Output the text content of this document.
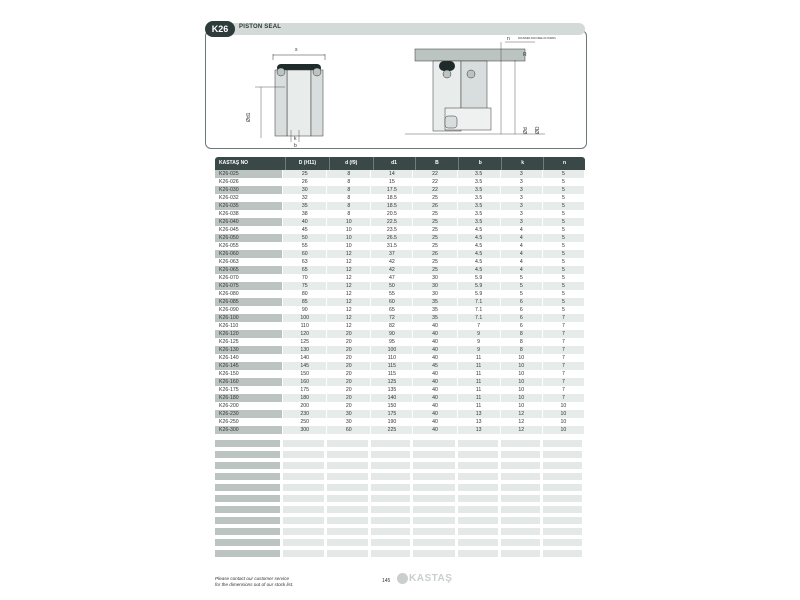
PISTON SEAL
K26
s
Ød1
k
b
n
R
Ød ØD
ROUNDED AND FREE OF BURRS
KASTAŞ NO	D (H11)	d (f9)	d1	B	b	k	n
K26-025	25	8	14	22	3.5	3	5
K26-026	26	8	15	22	3.5	3	5
K26-030	30	8	17.5	22	3.5	3	5
K26-032	32	8	18.5	25	3.5	3	5
K26-035	35	8	18.5	26	3.5	3	5
K26-038	38	8	20.5	25	3.5	3	5
K26-040	40	10	22.5	25	3.5	3	5
K26-045	45	10	23.5	25	4.5	4	5
K26-050	50	10	26.5	25	4.5	4	5
K26-055	55	10	31.5	25	4.5	4	5
K26-060	60	12	37	26	4.5	4	5
K26-063	63	12	42	25	4.5	4	5
K26-065	65	12	42	25	4.5	4	5
K26-070	70	12	47	30	5.9	5	5
K26-075	75	12	50	30	5.9	5	5
K26-080	80	12	55	30	5.9	5	5
K26-085	85	12	60	35	7.1	6	5
K26-090	90	12	65	35	7.1	6	5
K26-100	100	12	72	35	7.1	6	7
K26-110	110	12	82	40	7	6	7
K26-120	120	20	90	40	9	8	7
K26-125	125	20	95	40	9	8	7
K26-130	130	20	100	40	9	8	7
K26-140	140	20	110	40	11	10	7
K26-145	145	20	115	45	11	10	7
K26-150	150	20	115	40	11	10	7
K26-160	160	20	125	40	11	10	7
K26-175	175	20	135	40	11	10	7
K26-180	180	20	140	40	11	10	7
K26-200	200	20	150	40	11	10	10
K26-230	230	30	175	40	13	12	10
K26-250	250	30	190	40	13	12	10
K26-300	300	60	225	40	13	12	10
Please contact our customer service
for the dimensions out of our stock list.
145 KASTAŞ
